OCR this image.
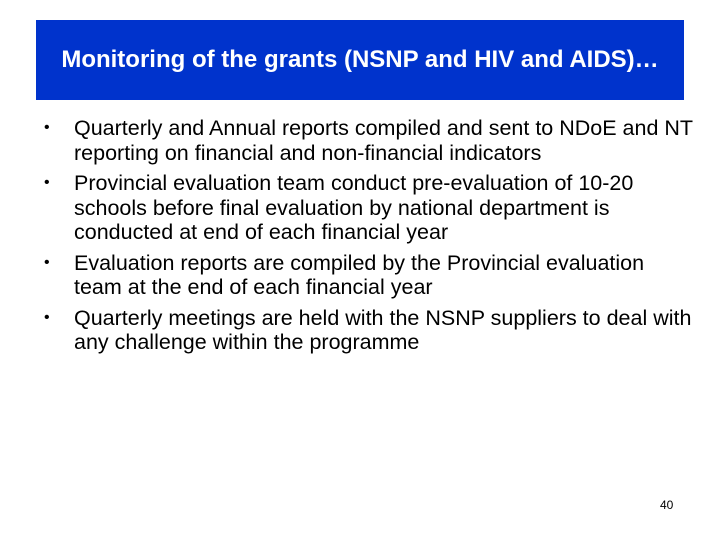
Monitoring of the grants (NSNP and HIV and AIDS)…
• Quarterly and Annual reports compiled and sent to NDoE and NT reporting on financial and non-financial indicators
• Provincial evaluation team conduct pre-evaluation of 10-20 schools before final evaluation by national department is conducted at end of each financial year
• Evaluation reports are compiled by the Provincial evaluation team at the end of each financial year
• Quarterly meetings are held with the NSNP suppliers to deal with any challenge within the programme
40
